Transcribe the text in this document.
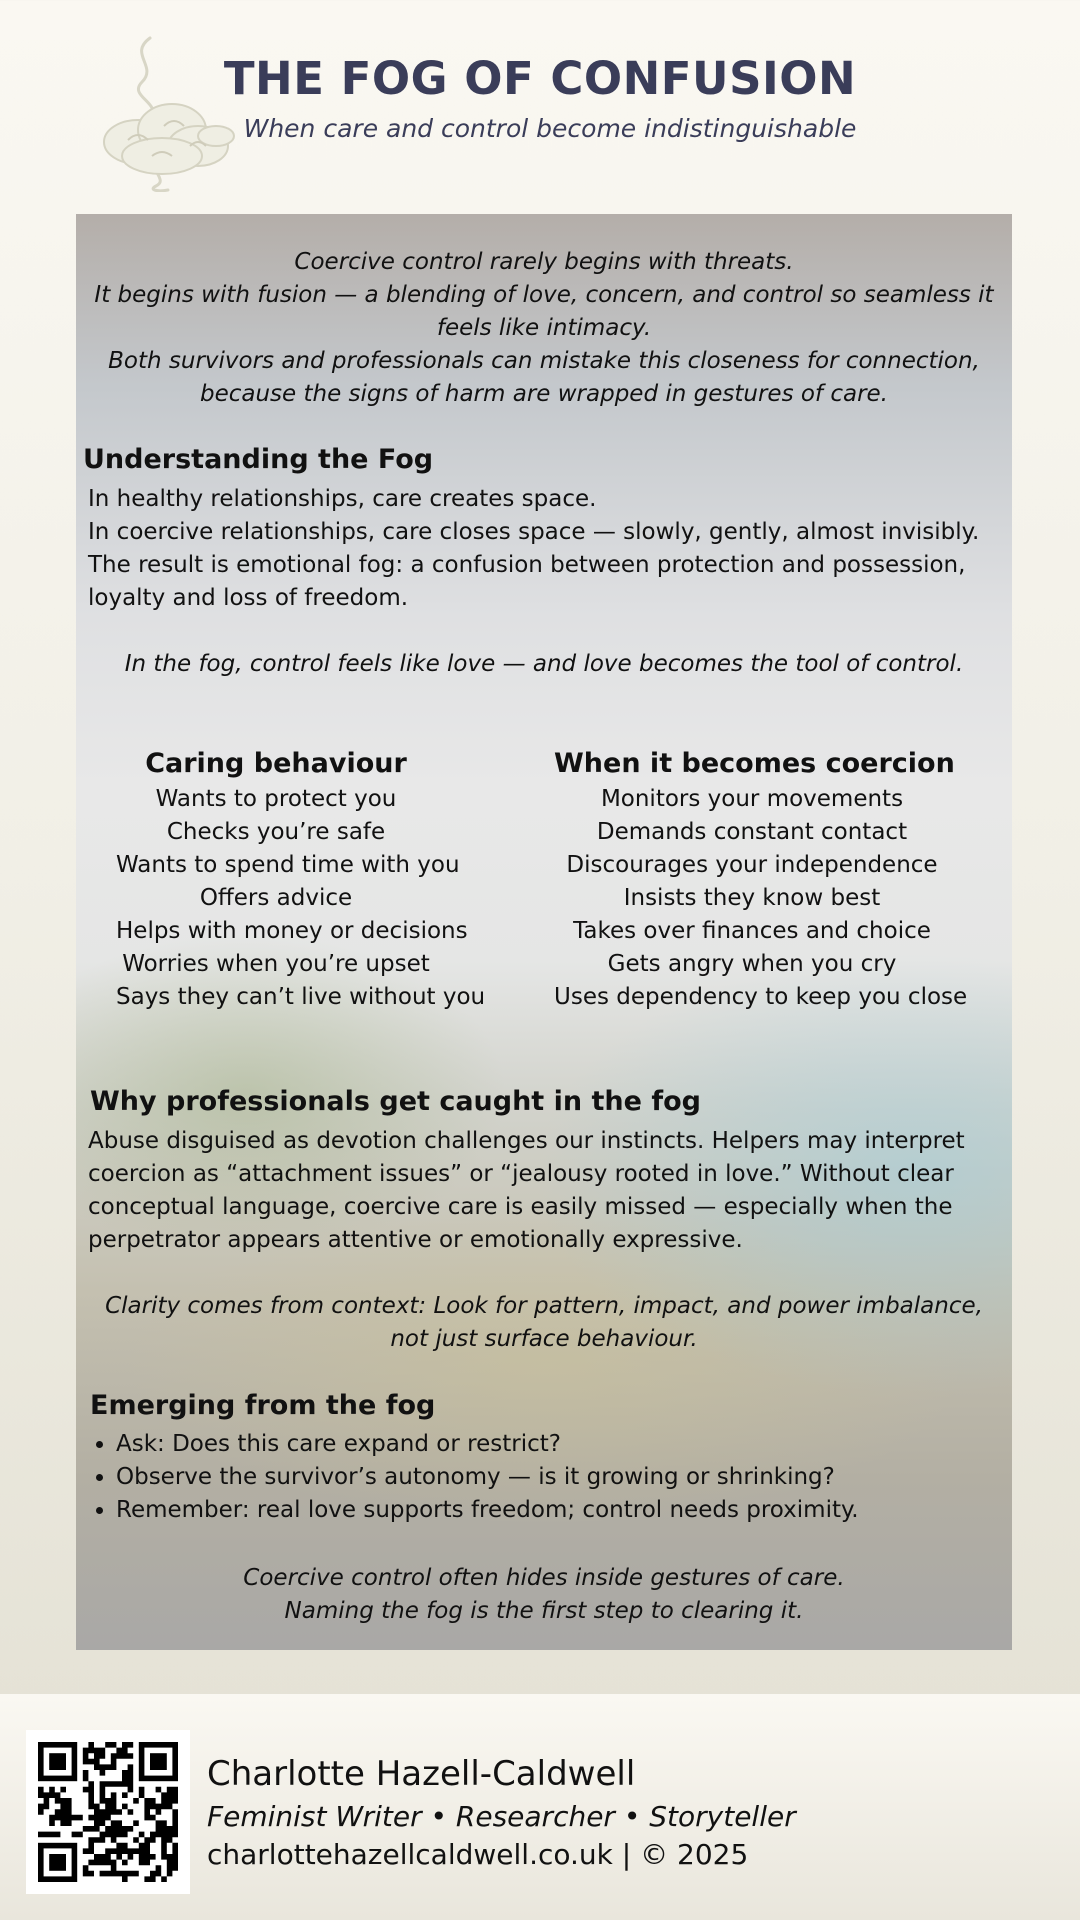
THE FOG OF CONFUSION
When care and control become indistinguishable
Coercive control rarely begins with threats.
It begins with fusion — a blending of love, concern, and control so seamless it
feels like intimacy.
Both survivors and professionals can mistake this closeness for connection,
because the signs of harm are wrapped in gestures of care.
Understanding the Fog
In healthy relationships, care creates space.
In coercive relationships, care closes space — slowly, gently, almost invisibly.
The result is emotional fog: a confusion between protection and possession,
loyalty and loss of freedom.
In the fog, control feels like love — and love becomes the tool of control.
Caring behaviour
Wants to protect you
Checks you’re safe
Wants to spend time with you
Offers advice
Helps with money or decisions
Worries when you’re upset
Says they can’t live without you
When it becomes coercion
Monitors your movements
Demands constant contact
Discourages your independence
Insists they know best
Takes over finances and choice
Gets angry when you cry
Uses dependency to keep you close
Why professionals get caught in the fog
Abuse disguised as devotion challenges our instincts. Helpers may interpret
coercion as “attachment issues” or “jealousy rooted in love.” Without clear
conceptual language, coercive care is easily missed — especially when the
perpetrator appears attentive or emotionally expressive.
Clarity comes from context: Look for pattern, impact, and power imbalance,
not just surface behaviour.
Emerging from the fog
• Ask: Does this care expand or restrict?
• Observe the survivor’s autonomy — is it growing or shrinking?
• Remember: real love supports freedom; control needs proximity.
Coercive control often hides inside gestures of care.
Naming the fog is the first step to clearing it.
Charlotte Hazell-Caldwell
Feminist Writer • Researcher • Storyteller
charlottehazellcaldwell.co.uk | © 2025
